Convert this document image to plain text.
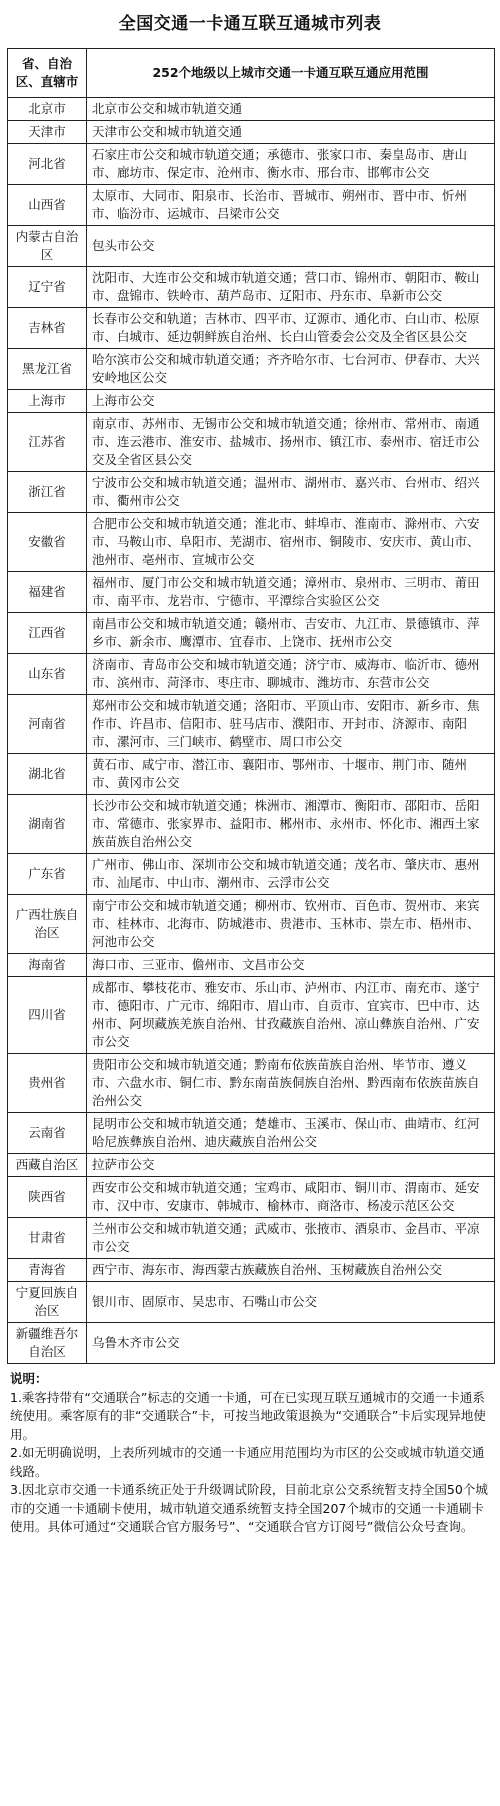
全国交通一卡通互联互通城市列表
省、自治区、直辖市	252个地级以上城市交通一卡通互联互通应用范围
北京市	北京市公交和城市轨道交通
天津市	天津市公交和城市轨道交通
河北省	石家庄市公交和城市轨道交通；承德市、张家口市、秦皇岛市、唐山市、廊坊市、保定市、沧州市、衡水市、邢台市、邯郸市公交
山西省	太原市、大同市、阳泉市、长治市、晋城市、朔州市、晋中市、忻州市、临汾市、运城市、吕梁市公交
内蒙古自治区	包头市公交
辽宁省	沈阳市、大连市公交和城市轨道交通；营口市、锦州市、朝阳市、鞍山市、盘锦市、铁岭市、葫芦岛市、辽阳市、丹东市、阜新市公交
吉林省	长春市公交和轨道；吉林市、四平市、辽源市、通化市、白山市、松原市、白城市、延边朝鲜族自治州、长白山管委会公交及全省区县公交
黑龙江省	哈尔滨市公交和城市轨道交通；齐齐哈尔市、七台河市、伊春市、大兴安岭地区公交
上海市	上海市公交
江苏省	南京市、苏州市、无锡市公交和城市轨道交通；徐州市、常州市、南通市、连云港市、淮安市、盐城市、扬州市、镇江市、泰州市、宿迁市公交及全省区县公交
浙江省	宁波市公交和城市轨道交通；温州市、湖州市、嘉兴市、台州市、绍兴市、衢州市公交
安徽省	合肥市公交和城市轨道交通；淮北市、蚌埠市、淮南市、滁州市、六安市、马鞍山市、阜阳市、芜湖市、宿州市、铜陵市、安庆市、黄山市、池州市、亳州市、宣城市公交
福建省	福州市、厦门市公交和城市轨道交通；漳州市、泉州市、三明市、莆田市、南平市、龙岩市、宁德市、平潭综合实验区公交
江西省	南昌市公交和城市轨道交通；赣州市、吉安市、九江市、景德镇市、萍乡市、新余市、鹰潭市、宜春市、上饶市、抚州市公交
山东省	济南市、青岛市公交和城市轨道交通；济宁市、威海市、临沂市、德州市、滨州市、菏泽市、枣庄市、聊城市、潍坊市、东营市公交
河南省	郑州市公交和城市轨道交通；洛阳市、平顶山市、安阳市、新乡市、焦作市、许昌市、信阳市、驻马店市、濮阳市、开封市、济源市、南阳市、漯河市、三门峡市、鹤壁市、周口市公交
湖北省	黄石市、咸宁市、潜江市、襄阳市、鄂州市、十堰市、荆门市、随州市、黄冈市公交
湖南省	长沙市公交和城市轨道交通；株洲市、湘潭市、衡阳市、邵阳市、岳阳市、常德市、张家界市、益阳市、郴州市、永州市、怀化市、湘西土家族苗族自治州公交
广东省	广州市、佛山市、深圳市公交和城市轨道交通；茂名市、肇庆市、惠州市、汕尾市、中山市、潮州市、云浮市公交
广西壮族自治区	南宁市公交和城市轨道交通；柳州市、钦州市、百色市、贺州市、来宾市、桂林市、北海市、防城港市、贵港市、玉林市、崇左市、梧州市、河池市公交
海南省	海口市、三亚市、儋州市、文昌市公交
四川省	成都市、攀枝花市、雅安市、乐山市、泸州市、内江市、南充市、遂宁市、德阳市、广元市、绵阳市、眉山市、自贡市、宜宾市、巴中市、达州市、阿坝藏族羌族自治州、甘孜藏族自治州、凉山彝族自治州、广安市公交
贵州省	贵阳市公交和城市轨道交通；黔南布依族苗族自治州、毕节市、遵义市、六盘水市、铜仁市、黔东南苗族侗族自治州、黔西南布依族苗族自治州公交
云南省	昆明市公交和城市轨道交通；楚雄市、玉溪市、保山市、曲靖市、红河哈尼族彝族自治州、迪庆藏族自治州公交
西藏自治区	拉萨市公交
陕西省	西安市公交和城市轨道交通；宝鸡市、咸阳市、铜川市、渭南市、延安市、汉中市、安康市、韩城市、榆林市、商洛市、杨凌示范区公交
甘肃省	兰州市公交和城市轨道交通；武威市、张掖市、酒泉市、金昌市、平凉市公交
青海省	西宁市、海东市、海西蒙古族藏族自治州、玉树藏族自治州公交
宁夏回族自治区	银川市、固原市、吴忠市、石嘴山市公交
新疆维吾尔自治区	乌鲁木齐市公交

说明：

1.乘客持带有“交通联合”标志的交通一卡通，可在已实现互联互通城市的交通一卡通系统使用。乘客原有的非“交通联合”卡，可按当地政策退换为“交通联合”卡后实现异地使用。

2.如无明确说明，上表所列城市的交通一卡通应用范围均为市区的公交或城市轨道交通线路。

3.因北京市交通一卡通系统正处于升级调试阶段，目前北京公交系统暂支持全国50个城市的交通一卡通刷卡使用，城市轨道交通系统暂支持全国207个城市的交通一卡通刷卡使用。具体可通过“交通联合官方服务号”、“交通联合官方订阅号”微信公众号查询。
